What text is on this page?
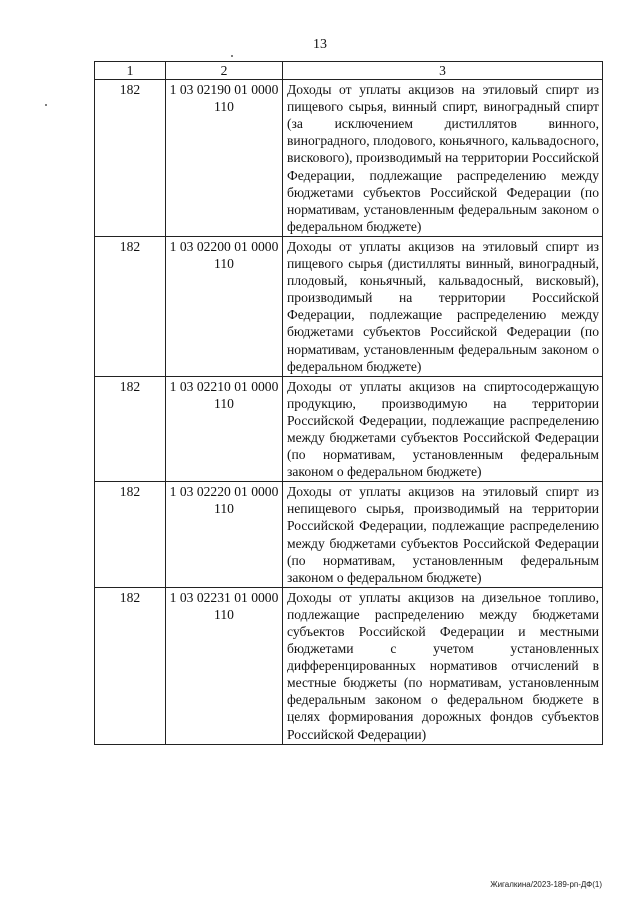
13
1	2	3
182	1 03 02190 01 0000 110	Доходы от уплаты акцизов на этиловый спирт из пищевого сырья, винный спирт, виноградный спирт (за исключением дистиллятов винного, виноградного, плодового, коньячного, кальвадосного, вискового), производимый на территории Российской Федерации, подлежащие распределению между бюджетами субъектов Российской Федерации (по нормативам, установленным федеральным законом о федеральном бюджете)
182	1 03 02200 01 0000 110	Доходы от уплаты акцизов на этиловый спирт из пищевого сырья (дистилляты винный, виноградный, плодовый, коньячный, кальвадосный, висковый), производимый на территории Российской Федерации, подлежащие распределению между бюджетами субъектов Российской Федерации (по нормативам, установленным федеральным законом о федеральном бюджете)
182	1 03 02210 01 0000 110	Доходы от уплаты акцизов на спиртосодержащую продукцию, производимую на территории Российской Федерации, подлежащие распределению между бюджетами субъектов Российской Федерации (по нормативам, установленным федеральным законом о федеральном бюджете)
182	1 03 02220 01 0000 110	Доходы от уплаты акцизов на этиловый спирт из непищевого сырья, производимый на территории Российской Федерации, подлежащие распределению между бюджетами субъектов Российской Федерации (по нормативам, установленным федеральным законом о федеральном бюджете)
182	1 03 02231 01 0000 110	Доходы от уплаты акцизов на дизельное топливо, подлежащие распределению между бюджетами субъектов Российской Федерации и местными бюджетами с учетом установленных дифференцированных нормативов отчислений в местные бюджеты (по нормативам, установленным федеральным законом о федеральном бюджете в целях формирования дорожных фондов субъектов Российской Федерации)
Жигалкина/2023-189-рп-ДФ(1)
